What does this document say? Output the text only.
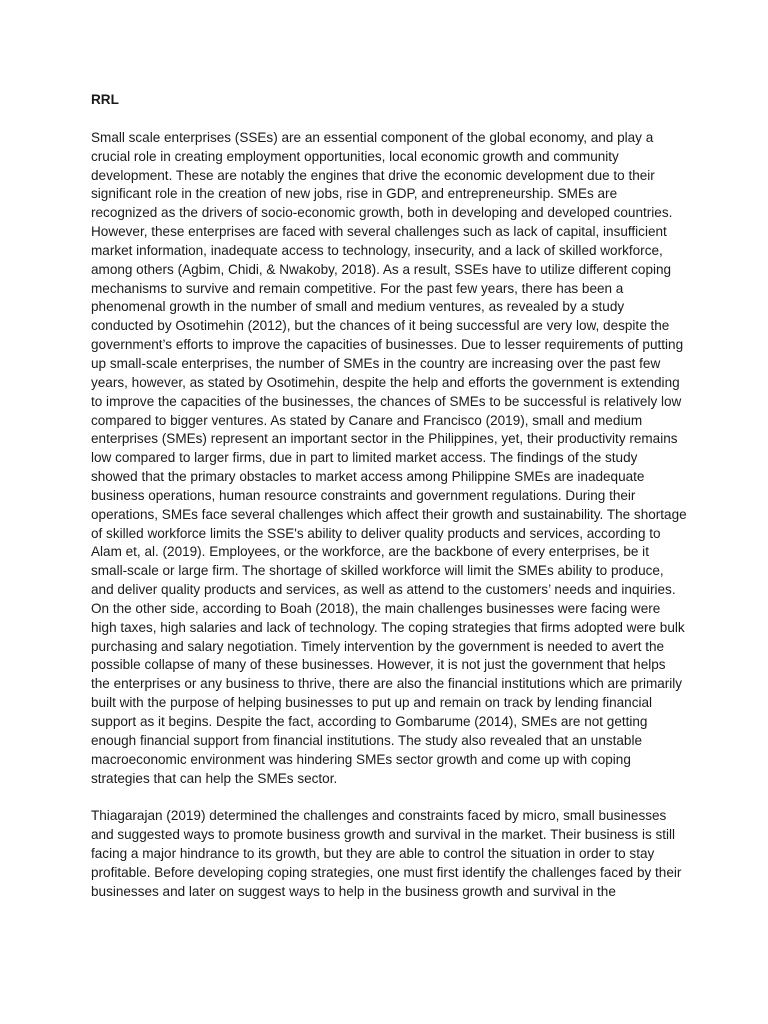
RRL

Small scale enterprises (SSEs) are an essential component of the global economy, and play a crucial role in creating employment opportunities, local economic growth and community development. These are notably the engines that drive the economic development due to their significant role in the creation of new jobs, rise in GDP, and entrepreneurship. SMEs are recognized as the drivers of socio-economic growth, both in developing and developed countries. However, these enterprises are faced with several challenges such as lack of capital, insufficient market information, inadequate access to technology, insecurity, and a lack of skilled workforce, among others (Agbim, Chidi, & Nwakoby, 2018). As a result, SSEs have to utilize different coping mechanisms to survive and remain competitive. For the past few years, there has been a phenomenal growth in the number of small and medium ventures, as revealed by a study conducted by Osotimehin (2012), but the chances of it being successful are very low, despite the government’s efforts to improve the capacities of businesses. Due to lesser requirements of putting up small-scale enterprises, the number of SMEs in the country are increasing over the past few years, however, as stated by Osotimehin, despite the help and efforts the government is extending to improve the capacities of the businesses, the chances of SMEs to be successful is relatively low compared to bigger ventures. As stated by Canare and Francisco (2019), small and medium enterprises (SMEs) represent an important sector in the Philippines, yet, their productivity remains low compared to larger firms, due in part to limited market access. The findings of the study showed that the primary obstacles to market access among Philippine SMEs are inadequate business operations, human resource constraints and government regulations. During their operations, SMEs face several challenges which affect their growth and sustainability. The shortage of skilled workforce limits the SSE's ability to deliver quality products and services, according to Alam et, al. (2019). Employees, or the workforce, are the backbone of every enterprises, be it small-scale or large firm. The shortage of skilled workforce will limit the SMEs ability to produce, and deliver quality products and services, as well as attend to the customers’ needs and inquiries. On the other side, according to Boah (2018), the main challenges businesses were facing were high taxes, high salaries and lack of technology. The coping strategies that firms adopted were bulk purchasing and salary negotiation. Timely intervention by the government is needed to avert the possible collapse of many of these businesses. However, it is not just the government that helps the enterprises or any business to thrive, there are also the financial institutions which are primarily built with the purpose of helping businesses to put up and remain on track by lending financial support as it begins. Despite the fact, according to Gombarume (2014), SMEs are not getting enough financial support from financial institutions. The study also revealed that an unstable macroeconomic environment was hindering SMEs sector growth and come up with coping strategies that can help the SMEs sector.

Thiagarajan (2019) determined the challenges and constraints faced by micro, small businesses and suggested ways to promote business growth and survival in the market. Their business is still facing a major hindrance to its growth, but they are able to control the situation in order to stay profitable. Before developing coping strategies, one must first identify the challenges faced by their businesses and later on suggest ways to help in the business growth and survival in the
